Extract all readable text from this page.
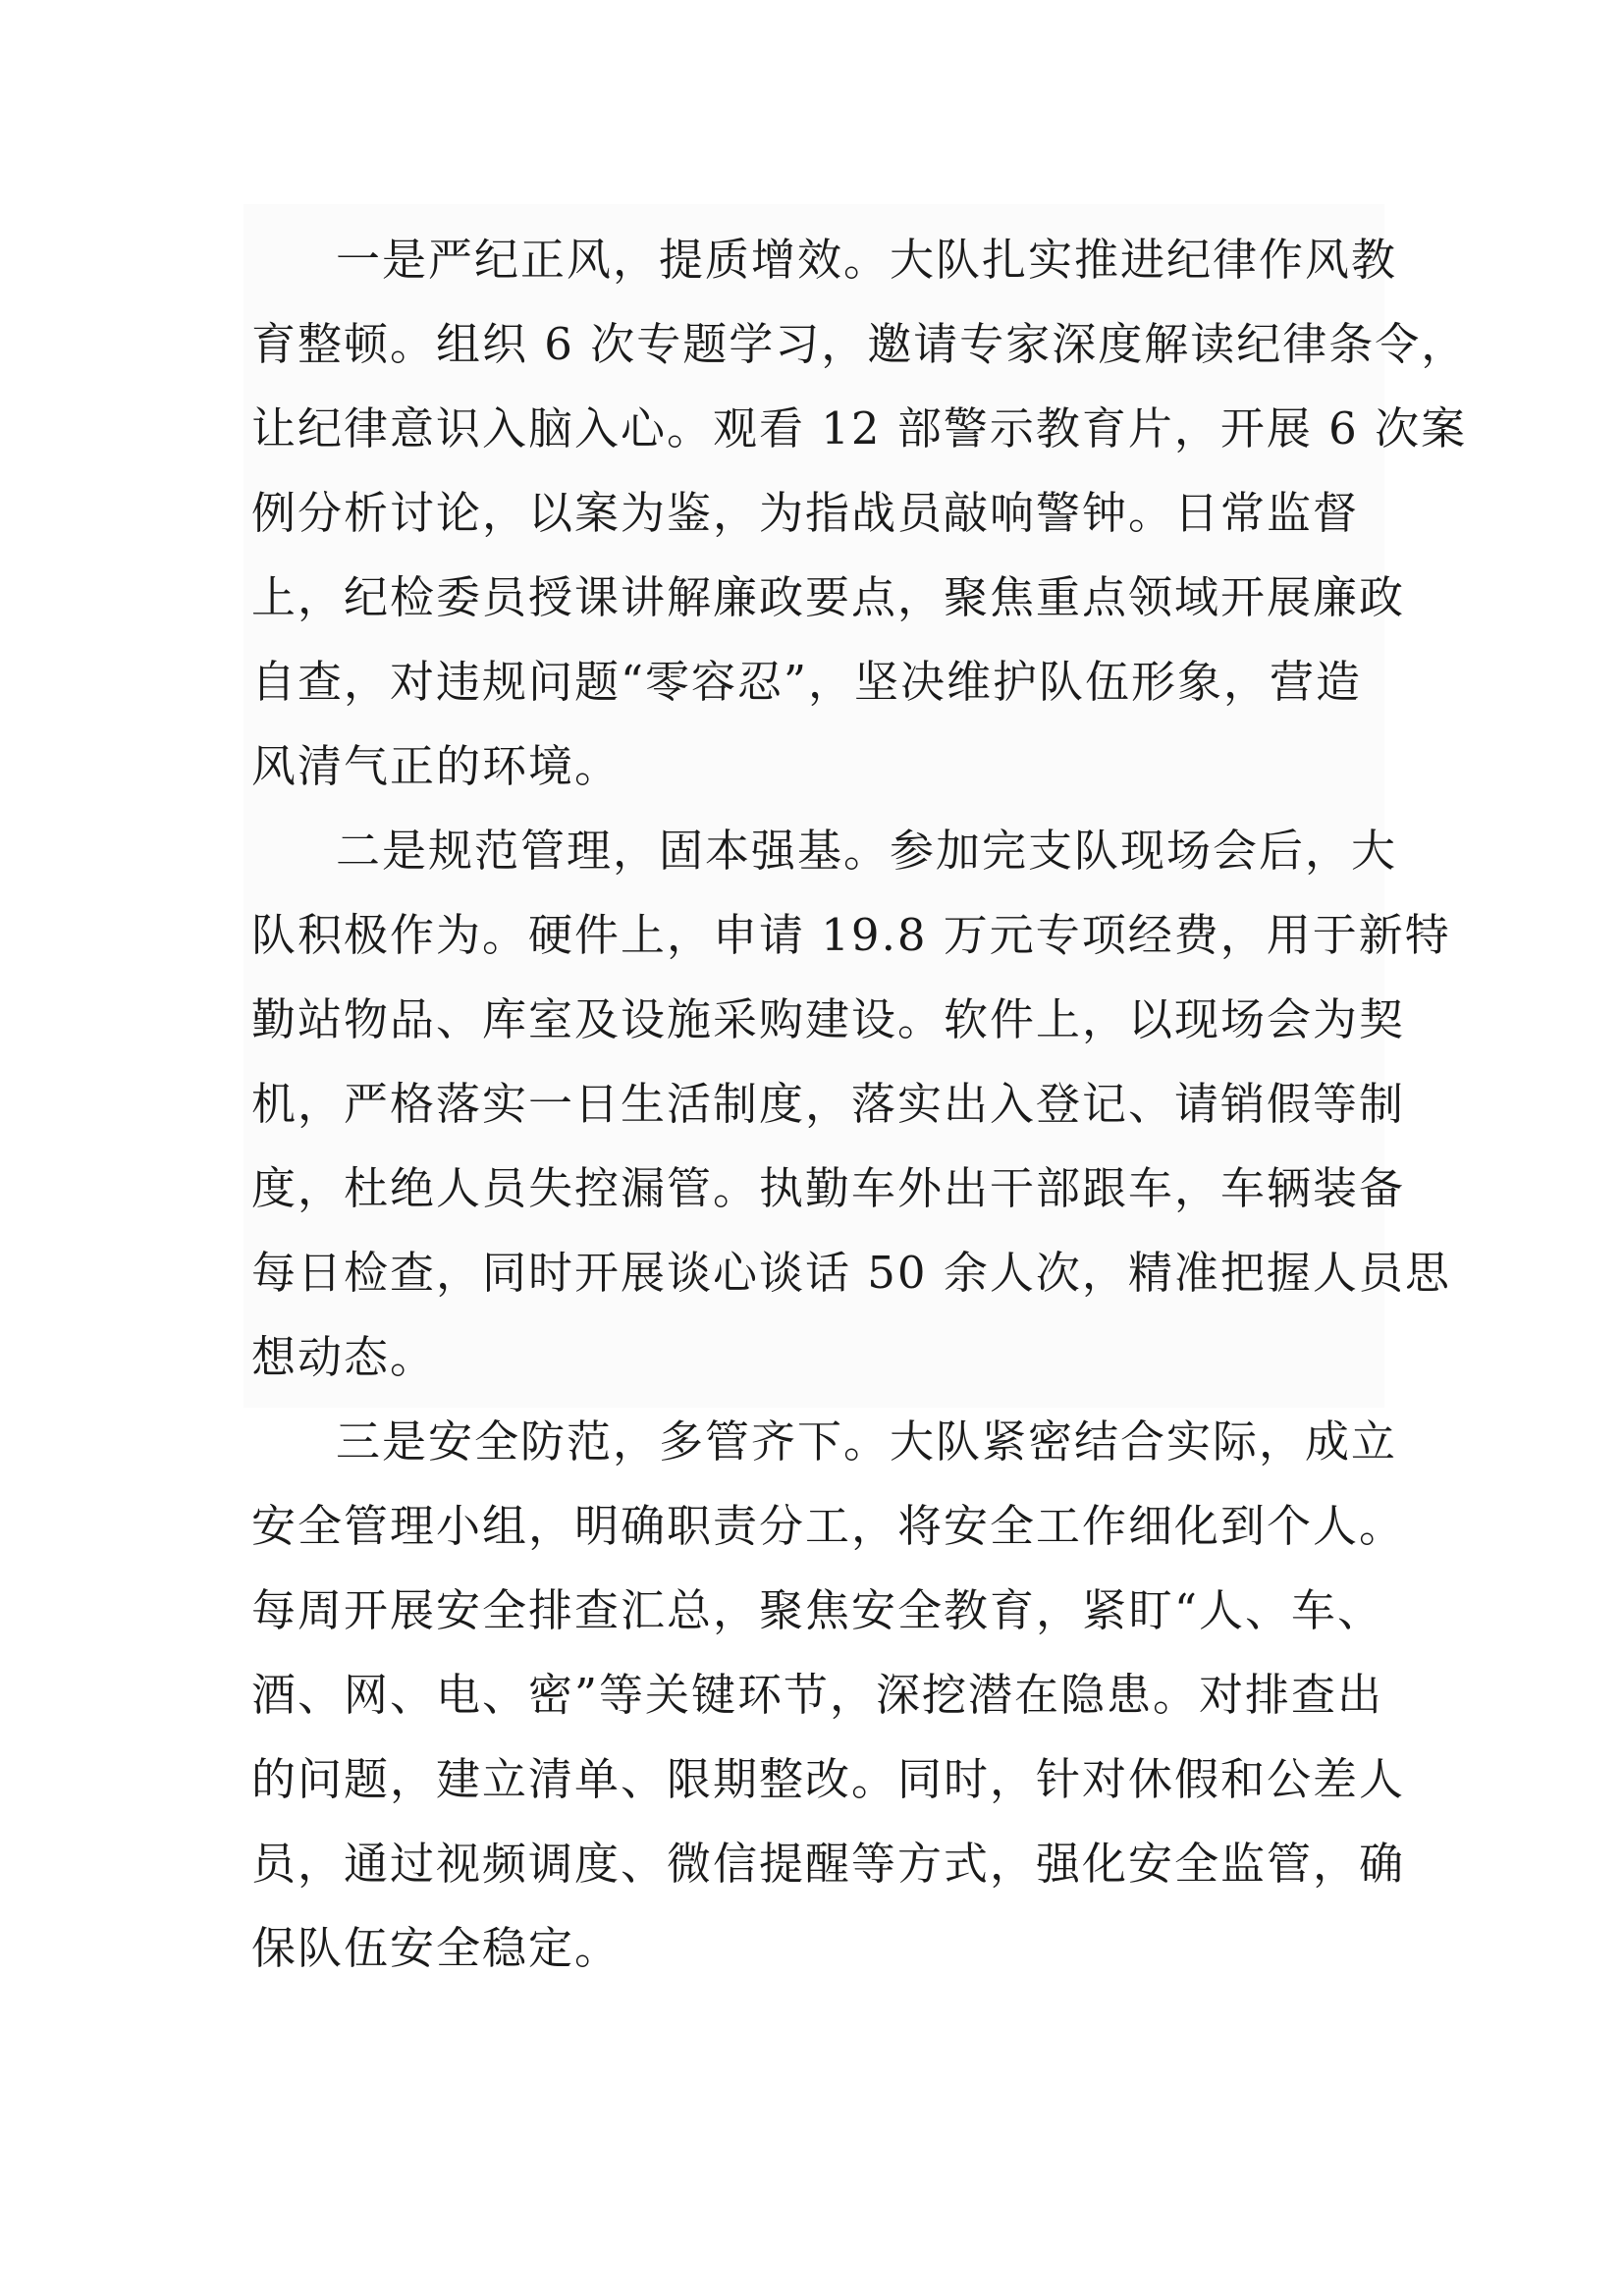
一是严纪正风，提质增效。大队扎实推进纪律作风教
育整顿。组织 6 次专题学习，邀请专家深度解读纪律条令，
让纪律意识入脑入心。观看 12 部警示教育片，开展 6 次案
例分析讨论，以案为鉴，为指战员敲响警钟。日常监督
上，纪检委员授课讲解廉政要点，聚焦重点领域开展廉政
自查，对违规问题“零容忍”，坚决维护队伍形象，营造
风清气正的环境。
二是规范管理，固本强基。参加完支队现场会后，大
队积极作为。硬件上，申请 19.8 万元专项经费，用于新特
勤站物品、库室及设施采购建设。软件上，以现场会为契
机，严格落实一日生活制度，落实出入登记、请销假等制
度，杜绝人员失控漏管。执勤车外出干部跟车，车辆装备
每日检查，同时开展谈心谈话 50 余人次，精准把握人员思
想动态。
三是安全防范，多管齐下。大队紧密结合实际，成立
安全管理小组，明确职责分工，将安全工作细化到个人。
每周开展安全排查汇总，聚焦安全教育，紧盯“人、车、
酒、网、电、密”等关键环节，深挖潜在隐患。对排查出
的问题，建立清单、限期整改。同时，针对休假和公差人
员，通过视频调度、微信提醒等方式，强化安全监管，确
保队伍安全稳定。
